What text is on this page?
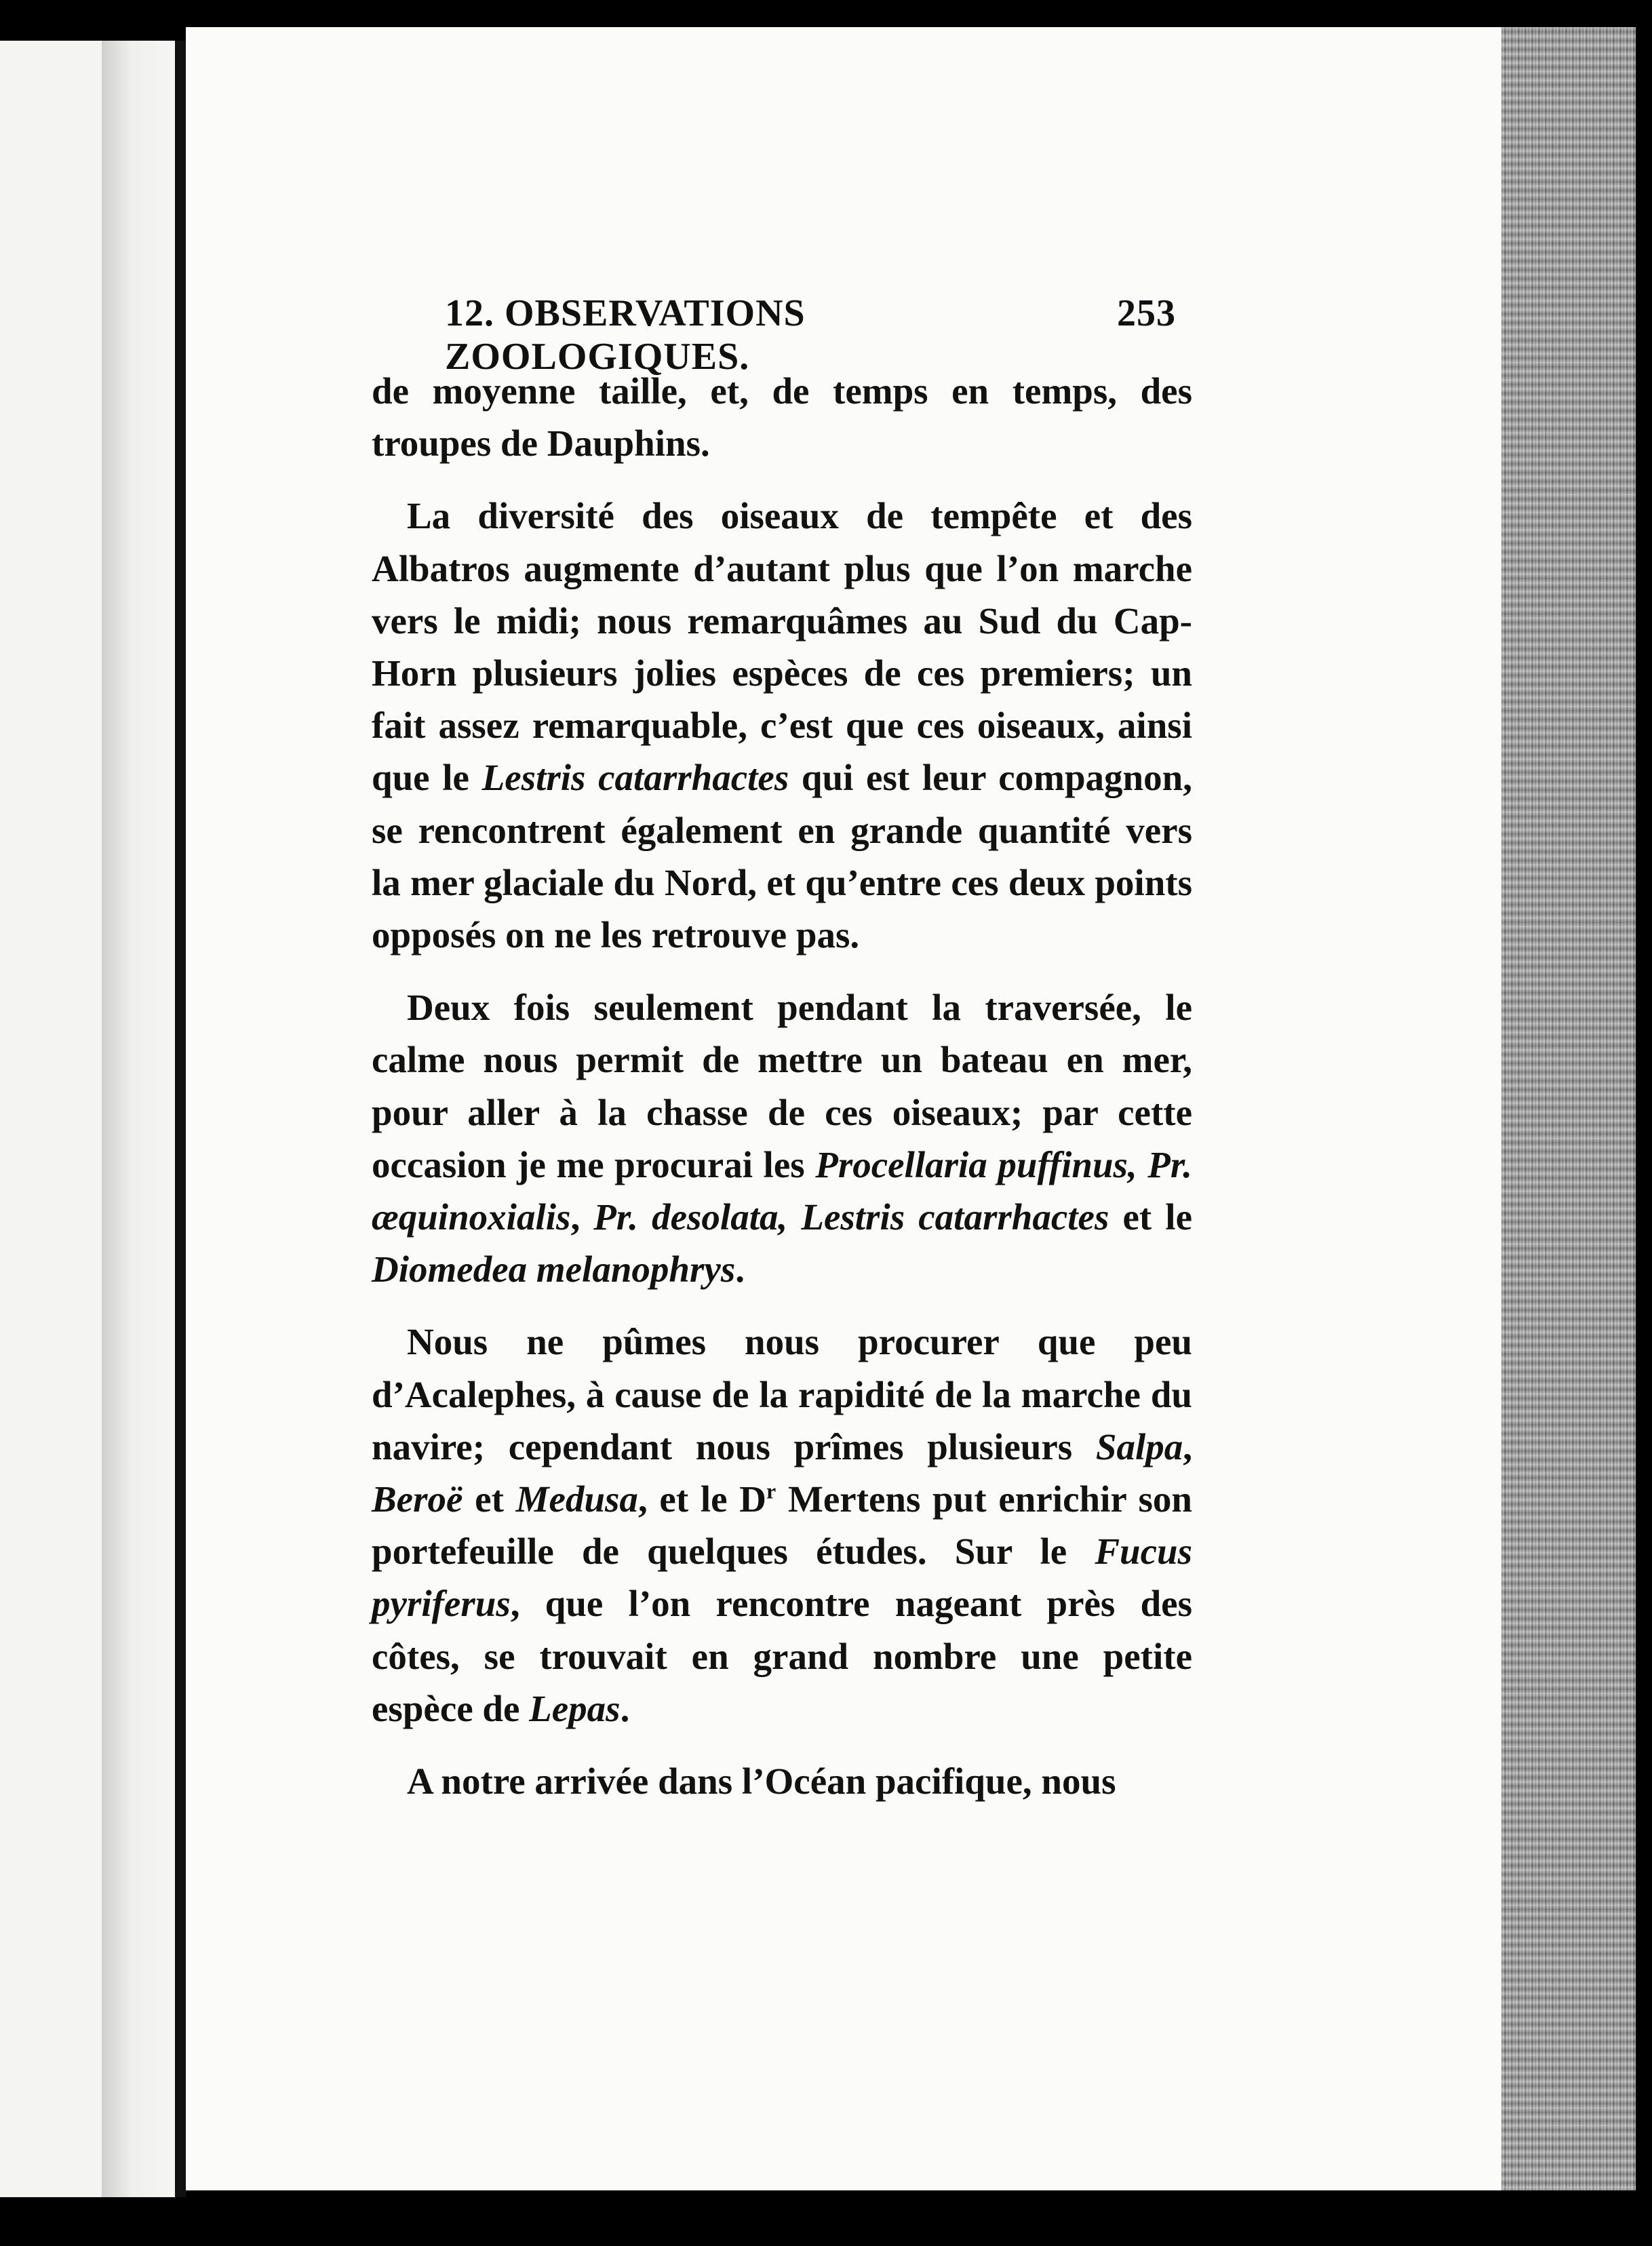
12. OBSERVATIONS ZOOLOGIQUES.
253

de moyenne taille, et, de temps en temps, des troupes de Dauphins.

La diversité des oiseaux de tempête et des Albatros augmente d’autant plus que l’on marche vers le midi; nous remarquâmes au Sud du Cap-Horn plusieurs jolies espèces de ces premiers; un fait assez remarquable, c’est que ces oiseaux, ainsi que le Lestris catarrhactes qui est leur compagnon, se rencontrent également en grande quantité vers la mer glaciale du Nord, et qu’entre ces deux points opposés on ne les retrouve pas.

Deux fois seulement pendant la traversée, le calme nous permit de mettre un bateau en mer, pour aller à la chasse de ces oiseaux; par cette occasion je me procurai les Procellaria puffinus, Pr. æquinoxialis, Pr. desolata, Lestris catarrhactes et le Diomedea melanophrys.

Nous ne pûmes nous procurer que peu d’Acalephes, à cause de la rapidité de la marche du navire; cependant nous prîmes plusieurs Salpa, Beroë et Medusa, et le $D^r$ Mertens put enrichir son portefeuille de quelques études. Sur le Fucus pyriferus, que l’on rencontre nageant près des côtes, se trouvait en grand nombre une petite espèce de Lepas.

A notre arrivée dans l’Océan pacifique, nous
